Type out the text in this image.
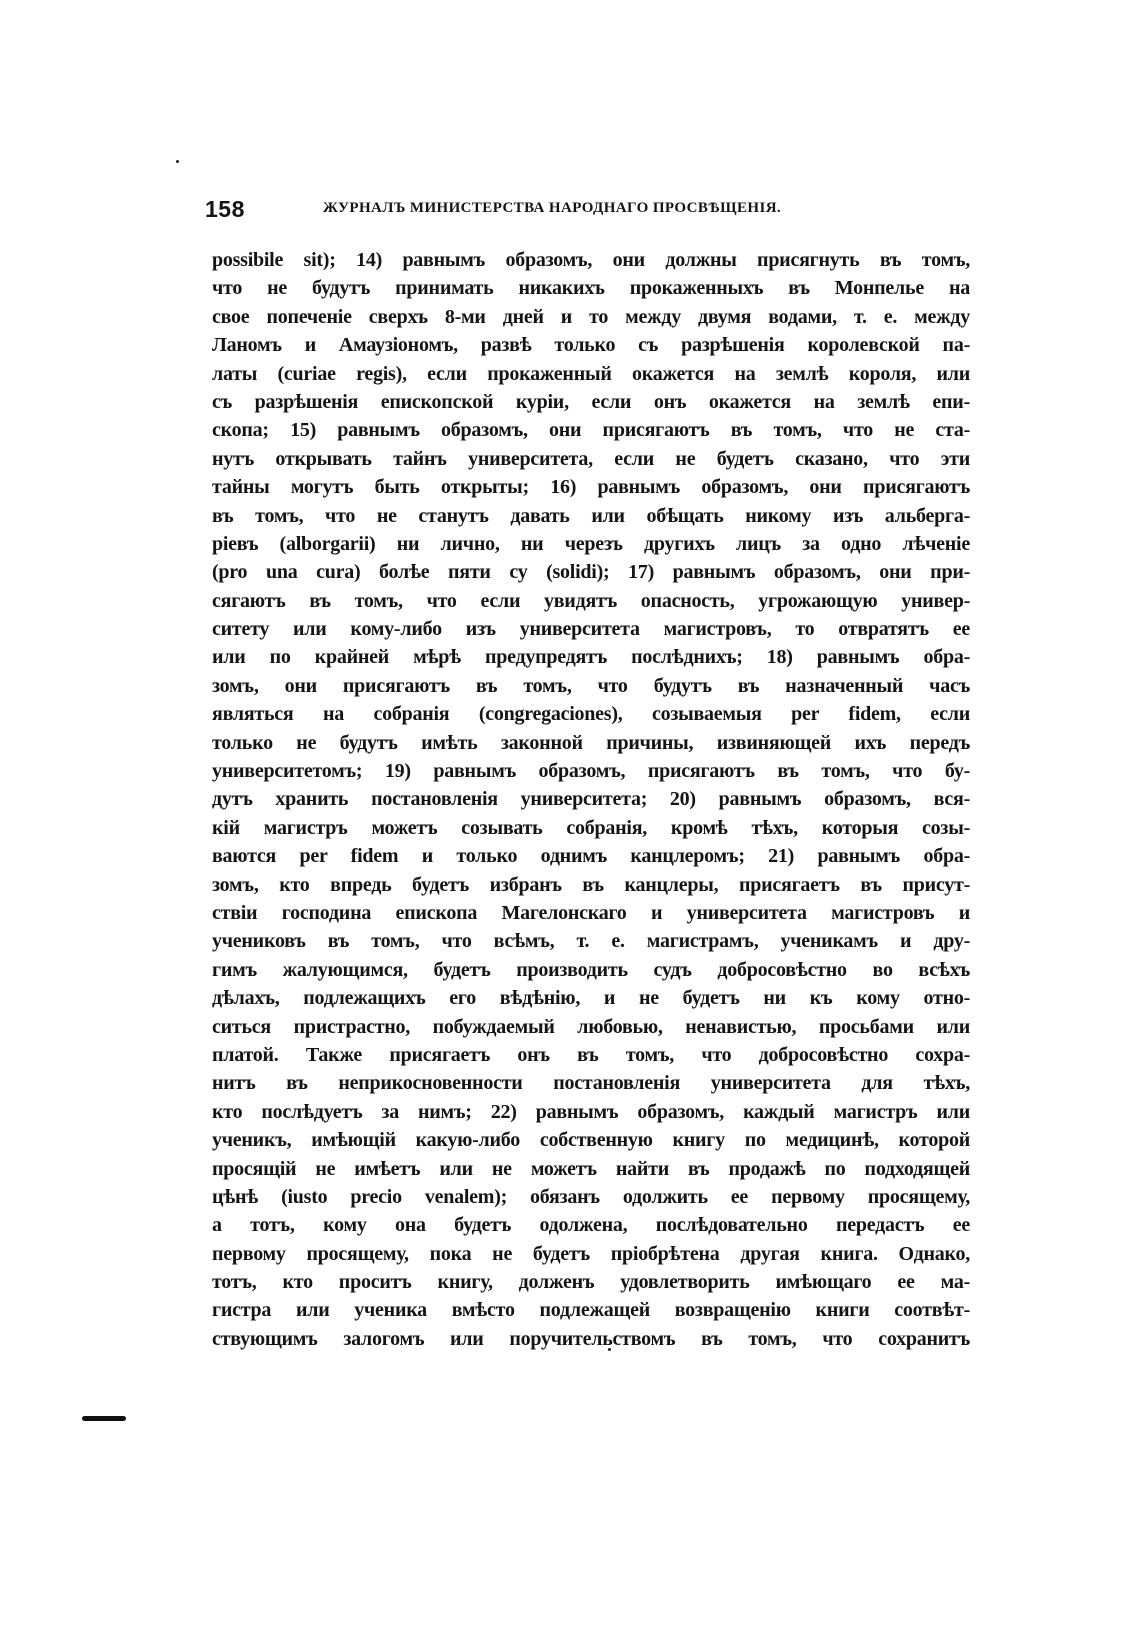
158	ЖУРНАЛЪ МИНИСТЕРСТВА НАРОДНАГО ПРОСВѢЩЕНІЯ.
possibile sit); 14) равнымъ образомъ, они должны присягнуть въ томъ,
что не будутъ принимать никакихъ прокаженныхъ въ Монпелье на
свое попеченіе сверхъ 8-ми дней и то между двумя водами, т. е. между
Ланомъ и Амаузіономъ, развѣ только съ разрѣшенія королевской па-
латы (curiae regis), если прокаженный окажется на землѣ короля, или
съ разрѣшенія епископской куріи, если онъ окажется на землѣ епи-
скопа; 15) равнымъ образомъ, они присягаютъ въ томъ, что не ста-
нутъ открывать тайнъ университета, если не будетъ сказано, что эти
тайны могутъ быть открыты; 16) равнымъ образомъ, они присягаютъ
въ томъ, что не станутъ давать или обѣщать никому изъ альберга-
ріевъ (alborgarii) ни лично, ни черезъ другихъ лицъ за одно лѣченіе
(pro una cura) болѣе пяти су (solidi); 17) равнымъ образомъ, они при-
сягаютъ въ томъ, что если увидятъ опасность, угрожающую универ-
ситету или кому-либо изъ университета магистровъ, то отвратятъ ее
или по крайней мѣрѣ предупредятъ послѣднихъ; 18) равнымъ обра-
зомъ, они присягаютъ въ томъ, что будутъ въ назначенный часъ
являться на собранія (congregaciones), созываемыя per fidem, если
только не будутъ имѣть законной причины, извиняющей ихъ передъ
университетомъ; 19) равнымъ образомъ, присягаютъ въ томъ, что бу-
дутъ хранить постановленія университета; 20) равнымъ образомъ, вся-
кій магистръ можетъ созывать собранія, кромѣ тѣхъ, которыя созы-
ваются per fidem и только однимъ канцлеромъ; 21) равнымъ обра-
зомъ, кто впредь будетъ избранъ въ канцлеры, присягаетъ въ присут-
ствіи господина епископа Магелонскаго и университета магистровъ и
учениковъ въ томъ, что всѣмъ, т. е. магистрамъ, ученикамъ и дру-
гимъ жалующимся, будетъ производить судъ добросовѣстно во всѣхъ
дѣлахъ, подлежащихъ его вѣдѣнію, и не будетъ ни къ кому отно-
ситься пристрастно, побуждаемый любовью, ненавистью, просьбами или
платой. Также присягаетъ онъ въ томъ, что добросовѣстно сохра-
нитъ въ неприкосновенности постановленія университета для тѣхъ,
кто послѣдуетъ за нимъ; 22) равнымъ образомъ, каждый магистръ или
ученикъ, имѣющій какую-либо собственную книгу по медицинѣ, которой
просящій не имѣетъ или не можетъ найти въ продажѣ по подходящей
цѣнѣ (iusto precio venalem); обязанъ одолжить ее первому просящему,
а тотъ, кому она будетъ одолжена, послѣдовательно передастъ ее
первому просящему, пока не будетъ пріобрѣтена другая книга. Однако,
тотъ, кто проситъ книгу, долженъ удовлетворить имѣющаго ее ма-
гистра или ученика вмѣсто подлежащей возвращенію книги соотвѣт-
ствующимъ залогомъ или поручительствомъ въ томъ, что сохранитъ
